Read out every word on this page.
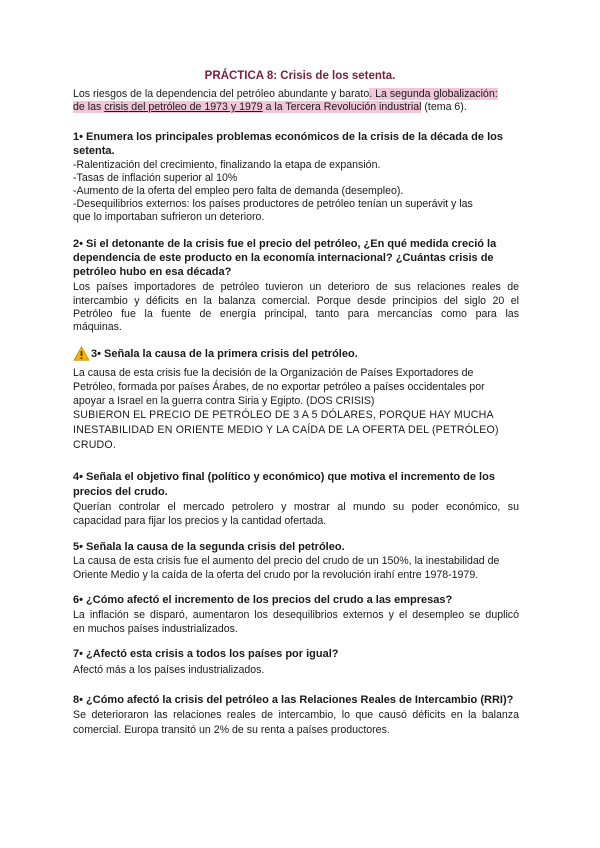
PRÁCTICA 8: Crisis de los setenta.
Los riesgos de la dependencia del petróleo abundante y barato. La segunda globalización:
de las crisis del petróleo de 1973 y 1979 a la Tercera Revolución industrial (tema 6).
1• Enumera los principales problemas económicos de la crisis de la década de los
setenta.
-Ralentización del crecimiento, finalizando la etapa de expansión.
-Tasas de inflación superior al 10%
-Aumento de la oferta del empleo pero falta de demanda (desempleo).
-Desequilibrios externos: los países productores de petróleo tenían un superávit y las
que lo importaban sufrieron un deterioro.
2• Si el detonante de la crisis fue el precio del petróleo, ¿En qué medida creció la
dependencia de este producto en la economía internacional? ¿Cuántas crisis de
petróleo hubo en esa década?
Los países importadores de petróleo tuvieron un deterioro de sus relaciones reales de
intercambio y déficits en la balanza comercial. Porque desde principios del siglo 20 el
Petróleo fue la fuente de energía principal, tanto para mercancías como para las
máquinas.
3• Señala la causa de la primera crisis del petróleo.
La causa de esta crisis fue la decisión de la Organización de Países Exportadores de
Petróleo, formada por países Árabes, de no exportar petróleo a países occidentales por
apoyar a Israel en la guerra contra Siria y Egipto. (DOS CRISIS)
SUBIERON EL PRECIO DE PETRÓLEO DE 3 A 5 DÓLARES, PORQUE HAY MUCHA
INESTABILIDAD EN ORIENTE MEDIO Y LA CAÍDA DE LA OFERTA DEL (PETRÓLEO)
CRUDO.
4• Señala el objetivo final (político y económico) que motiva el incremento de los
precios del crudo.
Querían controlar el mercado petrolero y mostrar al mundo su poder económico, su
capacidad para fijar los precios y la cantidad ofertada.
5• Señala la causa de la segunda crisis del petróleo.
La causa de esta crisis fue el aumento del precio del crudo de un 150%, la inestabilidad de
Oriente Medio y la caída de la oferta del crudo por la revolución irahí entre 1978-1979.
6• ¿Cómo afectó el incremento de los precios del crudo a las empresas?
La inflación se disparó, aumentaron los desequilibrios externos y el desempleo se duplicó
en muchos países industrializados.
7• ¿Afectó esta crisis a todos los países por igual?
Afectó más a los países industrializados.
8• ¿Cómo afectó la crisis del petróleo a las Relaciones Reales de Intercambio (RRI)?
Se deterioraron las relaciones reales de intercambio, lo que causó déficits en la balanza
comercial. Europa transitó un 2% de su renta a países productores.
